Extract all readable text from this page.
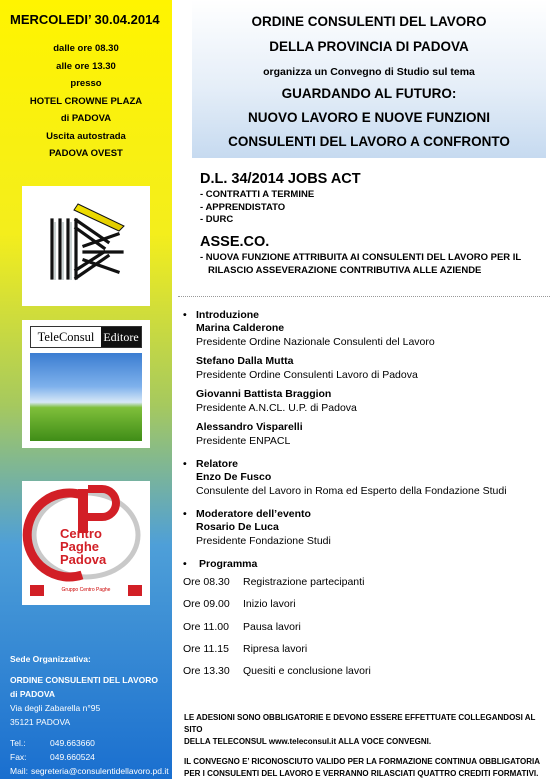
MERCOLEDI’ 30.04.2014
dalle ore 08.30
alle ore 13.30
presso
HOTEL CROWNE PLAZA
di PADOVA
Uscita autostrada
PADOVA OVEST
TeleConsul Editore
Centro
Paghe
Padova
Gruppo Centro Paghe
Sede Organizzativa:
ORDINE CONSULENTI DEL LAVORO
di PADOVA
Via degli Zabarella n°95
35121 PADOVA
Tel.:	049.663660
Fax:	049.660524
Mail: segreteria@consulentidellavoro.pd.it
ORDINE CONSULENTI DEL LAVORO
DELLA PROVINCIA DI PADOVA
organizza un Convegno di Studio sul tema
GUARDANDO AL FUTURO:
NUOVO LAVORO E NUOVE FUNZIONI
CONSULENTI DEL LAVORO A CONFRONTO
D.L. 34/2014 JOBS ACT
- CONTRATTI A TERMINE
- APPRENDISTATO
- DURC
ASSE.CO.
- NUOVA FUNZIONE ATTRIBUITA AI CONSULENTI DEL LAVORO PER IL
RILASCIO ASSEVERAZIONE CONTRIBUTIVA ALLE AZIENDE
• Introduzione
Marina Calderone
Presidente Ordine Nazionale Consulenti del Lavoro
Stefano Dalla Mutta
Presidente Ordine Consulenti Lavoro di Padova
Giovanni Battista Braggion
Presidente A.N.CL. U.P. di Padova
Alessandro Visparelli
Presidente ENPACL
• Relatore
Enzo De Fusco
Consulente del Lavoro in Roma ed Esperto della Fondazione Studi
• Moderatore dell’evento
Rosario De Luca
Presidente Fondazione Studi
• Programma
Ore 08.30	Registrazione partecipanti
Ore 09.00	Inizio lavori
Ore 11.00	Pausa lavori
Ore 11.15	Ripresa lavori
Ore 13.30	Quesiti e conclusione lavori
LE ADESIONI SONO OBBLIGATORIE E DEVONO ESSERE EFFETTUATE COLLEGANDOSI AL SITO
DELLA TELECONSUL www.teleconsul.it ALLA VOCE CONVEGNI.
IL CONVEGNO E’ RICONOSCIUTO VALIDO PER LA FORMAZIONE CONTINUA OBBLIGATORIA
PER I CONSULENTI DEL LAVORO E VERRANNO RILASCIATI QUATTRO CREDITI FORMATIVI.
